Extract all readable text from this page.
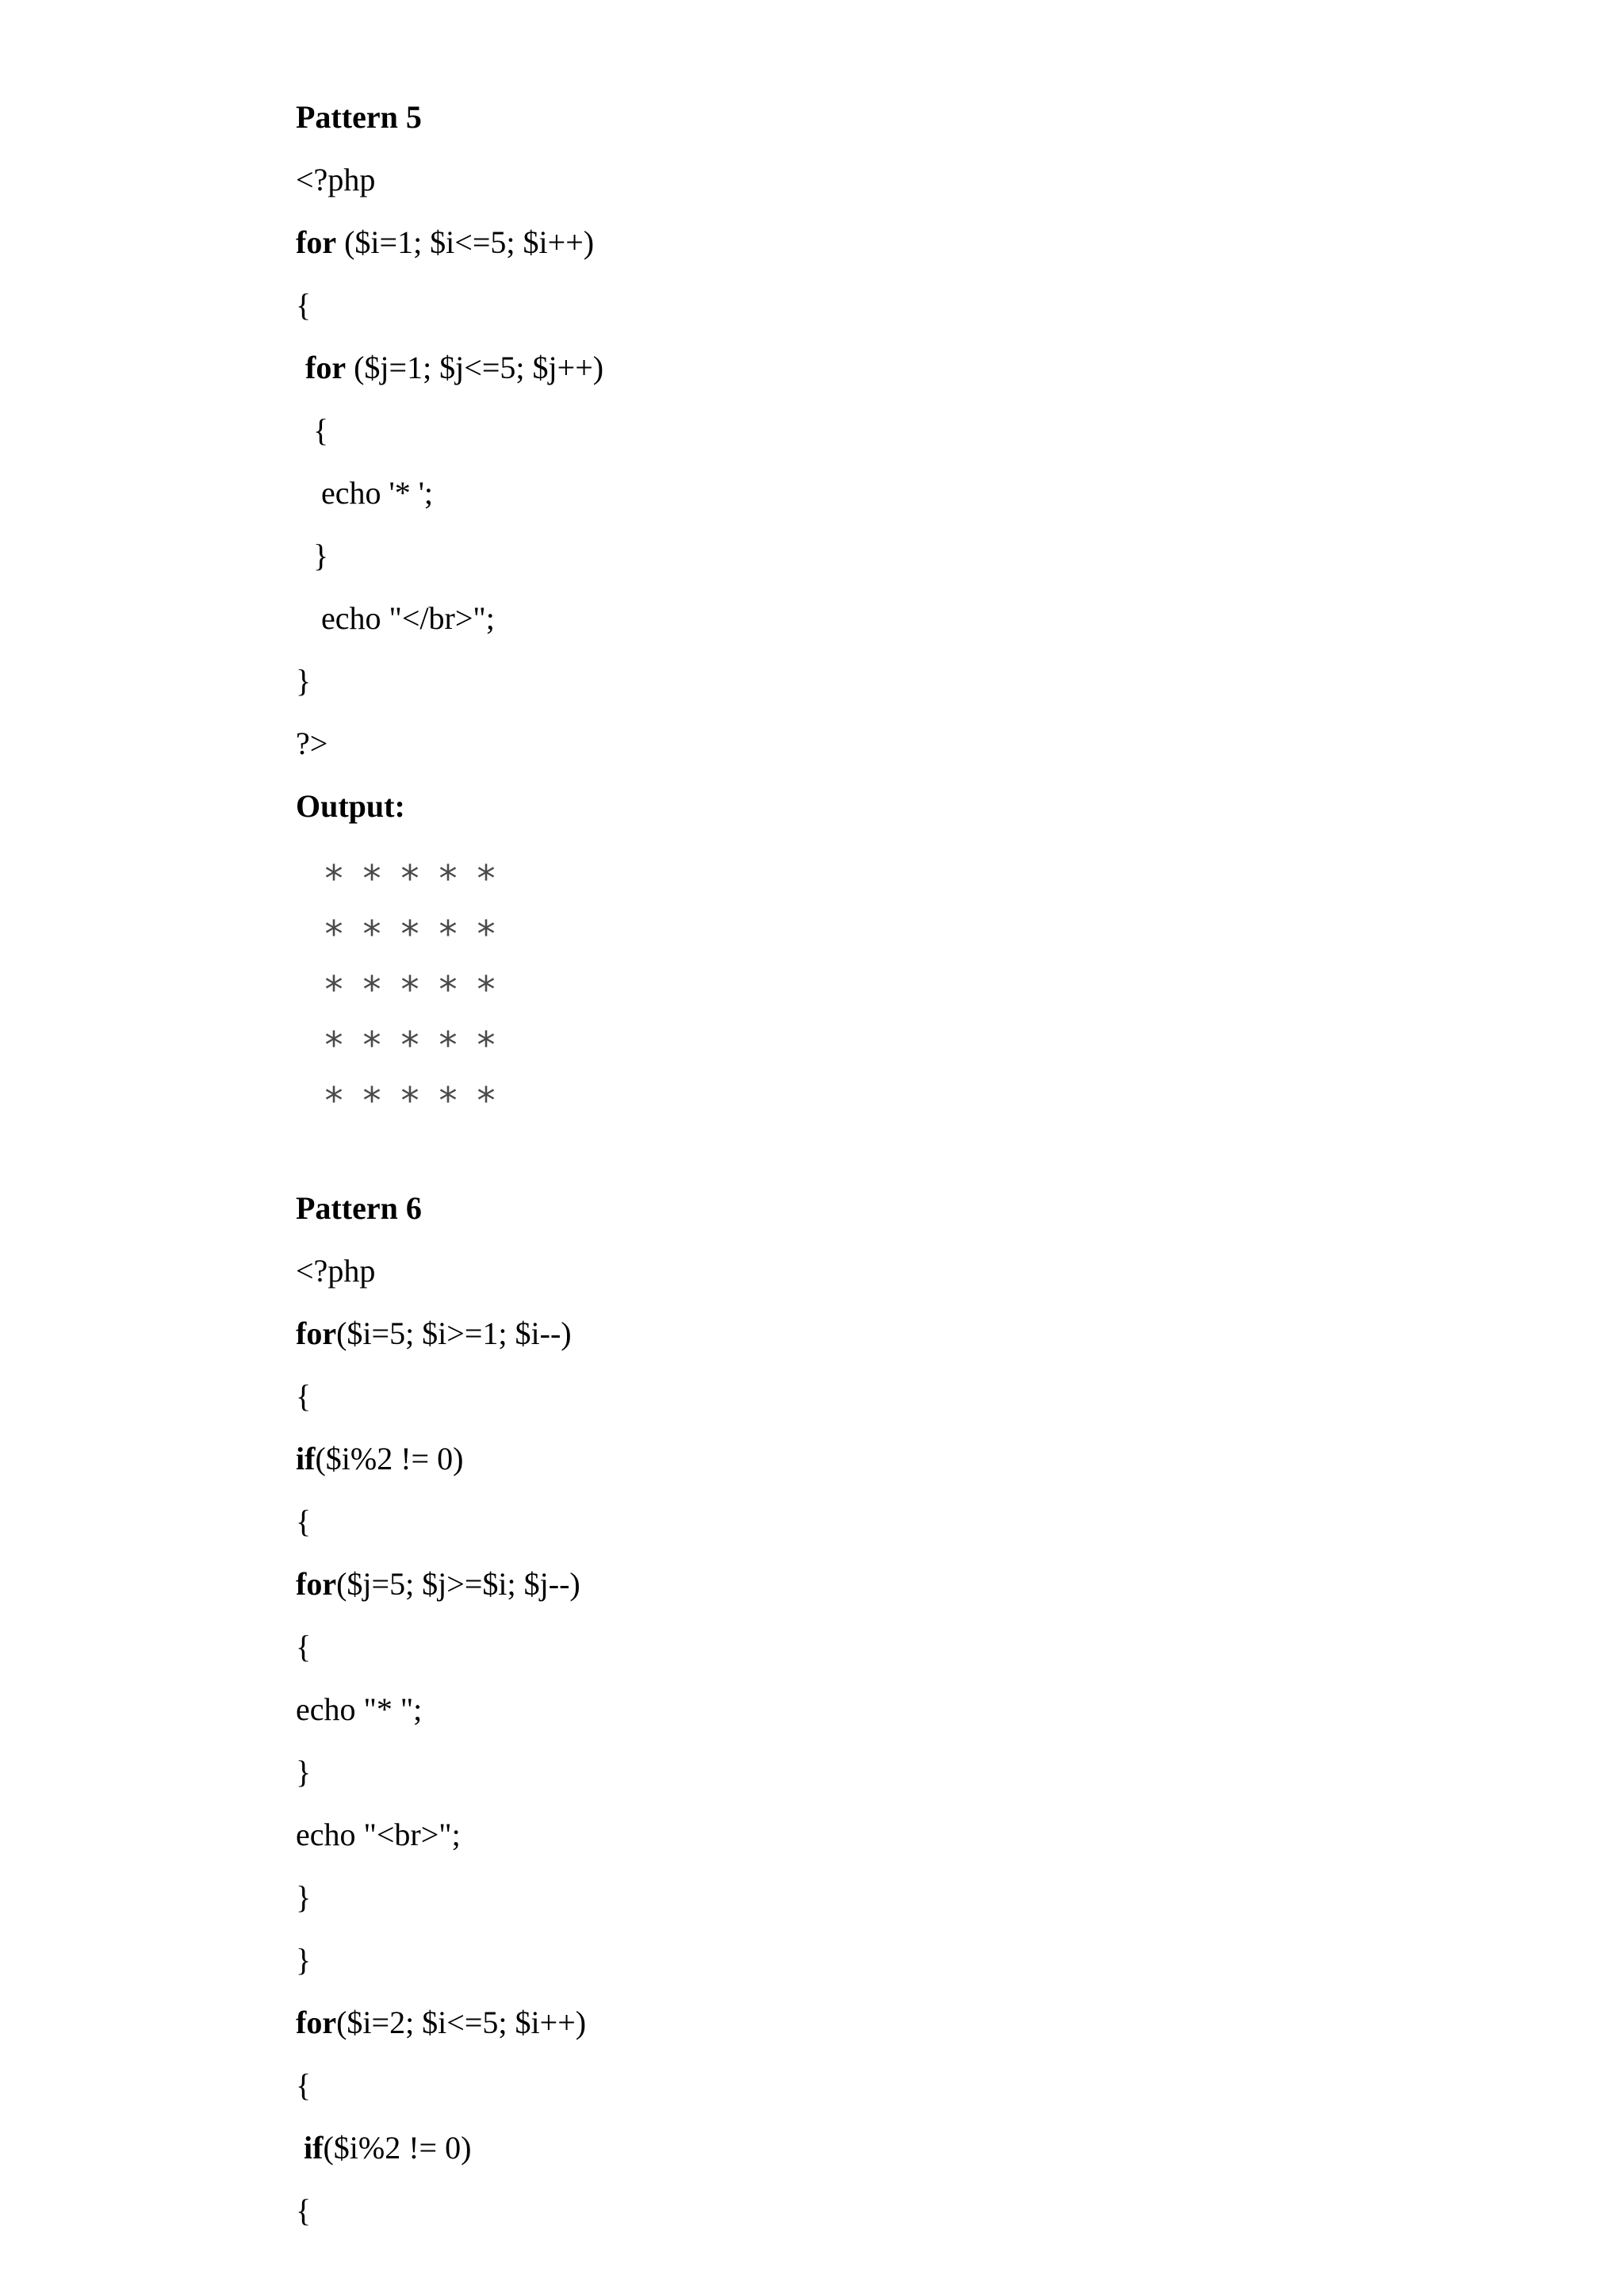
Pattern 5
<?php
for ($i=1; $i<=5; $i++)
{
for ($j=1; $j<=5; $j++)
{
echo '* ';
}
echo "</br>";
}
?>
Output:
* * * * *
* * * * *
* * * * *
* * * * *
* * * * *
Pattern 6
<?php
for($i=5; $i>=1; $i--)
{
if($i%2 != 0)
{
for($j=5; $j>=$i; $j--)
{
echo "* ";
}
echo "<br>";
}
}
for($i=2; $i<=5; $i++)
{
if($i%2 != 0)
{
